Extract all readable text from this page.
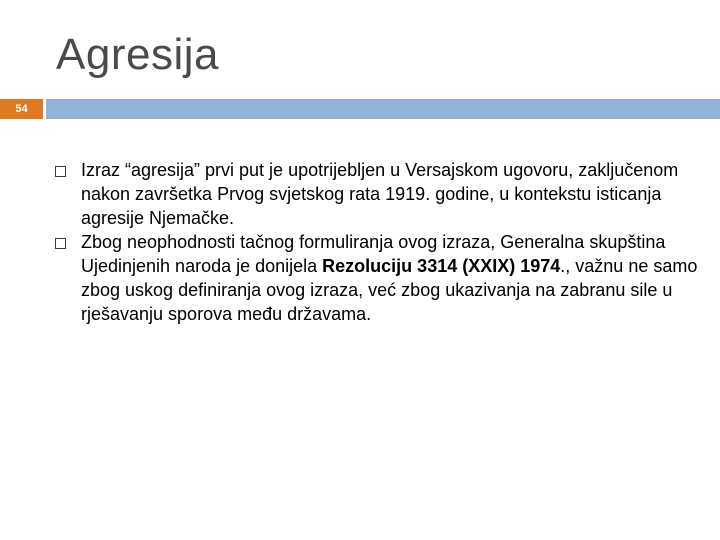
Agresija
54
Izraz “agresija” prvi put je upotrijebljen u Versajskom ugovoru, zaključenom nakon završetka Prvog svjetskog rata 1919. godine, u kontekstu isticanja agresije Njemačke.
Zbog neophodnosti tačnog formuliranja ovog izraza, Generalna skupština Ujedinjenih naroda je donijela Rezoluciju 3314 (XXIX) 1974., važnu ne samo zbog uskog definiranja ovog izraza, već zbog ukazivanja na zabranu sile u rješavanju sporova među državama.
